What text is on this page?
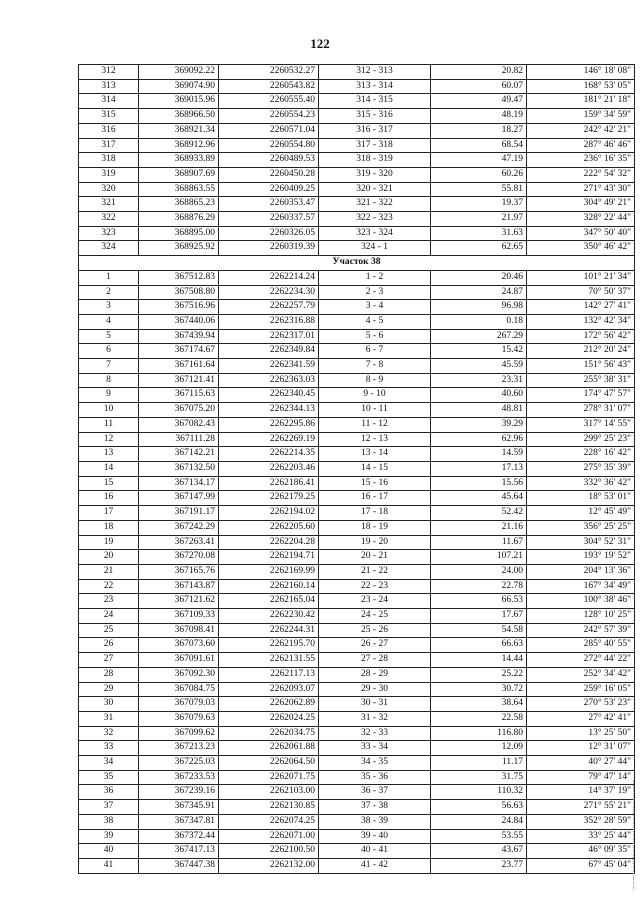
122
312	369092.22	2260532.27	312 - 313	20.82	146° 18' 08"
313	369074.90	2260543.82	313 - 314	60.07	168° 53' 05"
314	369015.96	2260555.40	314 - 315	49.47	181° 21' 18"
315	368966.50	2260554.23	315 - 316	48.19	159° 34' 59"
316	368921.34	2260571.04	316 - 317	18.27	242° 42' 21"
317	368912.96	2260554.80	317 - 318	68.54	287° 46' 46"
318	368933.89	2260489.53	318 - 319	47.19	236° 16' 35"
319	368907.69	2260450.28	319 - 320	60.26	222° 54' 32"
320	368863.55	2260409.25	320 - 321	55.81	271° 43' 30"
321	368865.23	2260353.47	321 - 322	19.37	304° 49' 21"
322	368876.29	2260337.57	322 - 323	21.97	328° 22' 44"
323	368895.00	2260326.05	323 - 324	31.63	347° 50' 40"
324	368925.92	2260319.39	324 - 1	62.65	350° 46' 42"
Участок 38					
1	367512.83	2262214.24	1 - 2	20.46	101° 21' 34"
2	367508.80	2262234.30	2 - 3	24.87	70° 50' 37"
3	367516.96	2262257.79	3 - 4	96.98	142° 27' 41"
4	367440.06	2262316.88	4 - 5	0.18	132° 42' 34"
5	367439.94	2262317.01	5 - 6	267.29	172° 56' 42"
6	367174.67	2262349.84	6 - 7	15.42	212° 20' 24"
7	367161.64	2262341.59	7 - 8	45.59	151° 56' 43"
8	367121.41	2262363.03	8 - 9	23.31	255° 38' 31"
9	367115.63	2262340.45	9 - 10	40.60	174° 47' 57"
10	367075.20	2262344.13	10 - 11	48.81	278° 31' 07"
11	367082.43	2262295.86	11 - 12	39.29	317° 14' 55"
12	367111.28	2262269.19	12 - 13	62.96	299° 25' 23"
13	367142.21	2262214.35	13 - 14	14.59	228° 16' 42"
14	367132.50	2262203.46	14 - 15	17.13	275° 35' 39"
15	367134.17	2262186.41	15 - 16	15.56	332° 36' 42"
16	367147.99	2262179.25	16 - 17	45.64	18° 53' 01"
17	367191.17	2262194.02	17 - 18	52.42	12° 45' 49"
18	367242.29	2262205.60	18 - 19	21.16	356° 25' 25"
19	367263.41	2262204.28	19 - 20	11.67	304° 52' 31"
20	367270.08	2262194.71	20 - 21	107.21	193° 19' 52"
21	367165.76	2262169.99	21 - 22	24.00	204° 13' 36"
22	367143.87	2262160.14	22 - 23	22.78	167° 34' 49"
23	367121.62	2262165.04	23 - 24	66.53	100° 38' 46"
24	367109.33	2262230.42	24 - 25	17.67	128° 10' 25"
25	367098.41	2262244.31	25 - 26	54.58	242° 57' 39"
26	367073.60	2262195.70	26 - 27	66.63	285° 40' 55"
27	367091.61	2262131.55	27 - 28	14.44	272° 44' 22"
28	367092.30	2262117.13	28 - 29	25.22	252° 34' 42"
29	367084.75	2262093.07	29 - 30	30.72	259° 16' 05"
30	367079.03	2262062.89	30 - 31	38.64	270° 53' 23"
31	367079.63	2262024.25	31 - 32	22.58	27° 42' 41"
32	367099.62	2262034.75	32 - 33	116.80	13° 25' 50"
33	367213.23	2262061.88	33 - 34	12.09	12° 31' 07"
34	367225.03	2262064.50	34 - 35	11.17	40° 27' 44"
35	367233.53	2262071.75	35 - 36	31.75	79° 47' 14"
36	367239.16	2262103.00	36 - 37	110.32	14° 37' 19"
37	367345.91	2262130.85	37 - 38	56.63	271° 55' 21"
38	367347.81	2262074.25	38 - 39	24.84	352° 28' 59"
39	367372.44	2262071.00	39 - 40	53.55	33° 25' 44"
40	367417.13	2262100.50	40 - 41	43.67	46° 09' 35"
41	367447.38	2262132.00	41 - 42	23.77	67° 45' 04"
